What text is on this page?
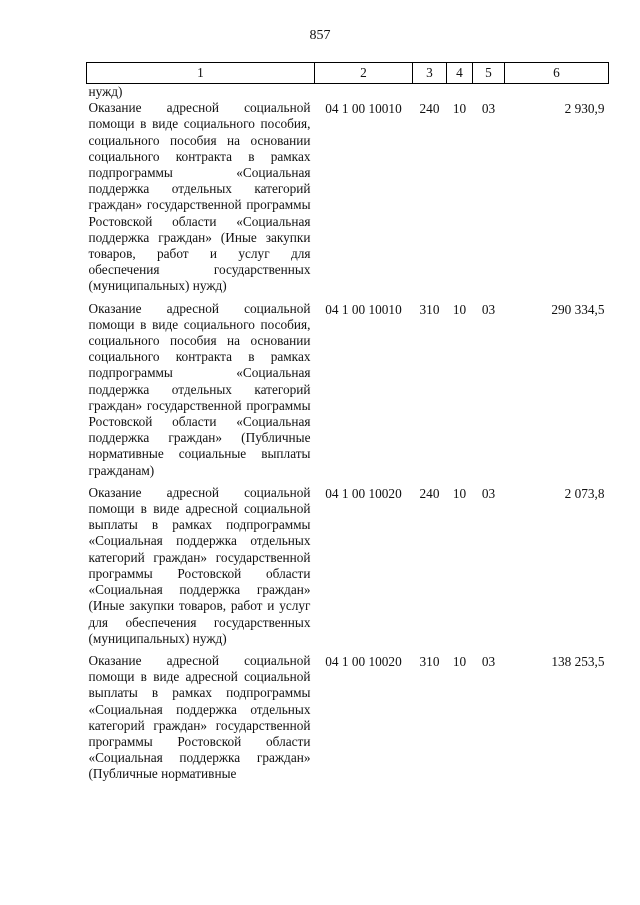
857
1	2	3	4	5	6
нужд)					
Оказание адресной социальной помощи в виде социального пособия, социального пособия на основании социального контракта в рамках подпрограммы «Социальная поддержка отдельных категорий граждан» государственной программы Ростовской области «Социальная поддержка граждан» (Иные закупки товаров, работ и услуг для обеспечения государственных (муниципальных) нужд)	04 1 00 10010	240	10	03	2 930,9
Оказание адресной социальной помощи в виде социального пособия, социального пособия на основании социального контракта в рамках подпрограммы «Социальная поддержка отдельных категорий граждан» государственной программы Ростовской области «Социальная поддержка граждан» (Публичные нормативные социальные выплаты гражданам)	04 1 00 10010	310	10	03	290 334,5
Оказание адресной социальной помощи в виде адресной социальной выплаты в рамках подпрограммы «Социальная поддержка отдельных категорий граждан» государственной программы Ростовской области «Социальная поддержка граждан» (Иные закупки товаров, работ и услуг для обеспечения государственных (муниципальных) нужд)	04 1 00 10020	240	10	03	2 073,8
Оказание адресной социальной помощи в виде адресной социальной выплаты в рамках подпрограммы «Социальная поддержка отдельных категорий граждан» государственной программы Ростовской области «Социальная поддержка граждан» (Публичные нормативные	04 1 00 10020	310	10	03	138 253,5
